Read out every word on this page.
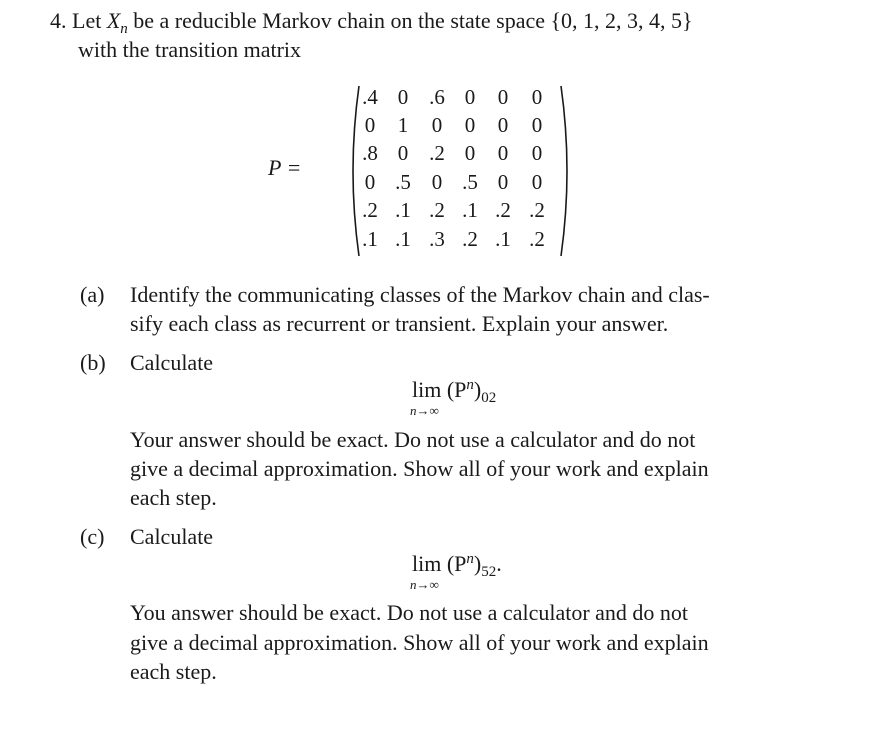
4. Let $X_n$ be a reducible Markov chain on the state space {0, 1, 2, 3, 4, 5}
with the transition matrix
P =
.4 0 .6 0	0	0
0	1	0	0	0	0
.8 0 .2 0	0	0
0 .5 0 .5 0	0
.2 .1 .2 .1 .2 .2
.1 .1 .3 .2 .1 .2
(a) Identify the communicating classes of the Markov chain and clas-
sify each class as recurrent or transient. Explain your answer.
(b) Calculate
$\lim (P^n)_{02}$
n→∞
Your answer should be exact. Do not use a calculator and do not
give a decimal approximation. Show all of your work and explain
each step.
(c) Calculate
$\lim (P^n)_{52}$.
n→∞
You answer should be exact. Do not use a calculator and do not
give a decimal approximation. Show all of your work and explain
each step.
